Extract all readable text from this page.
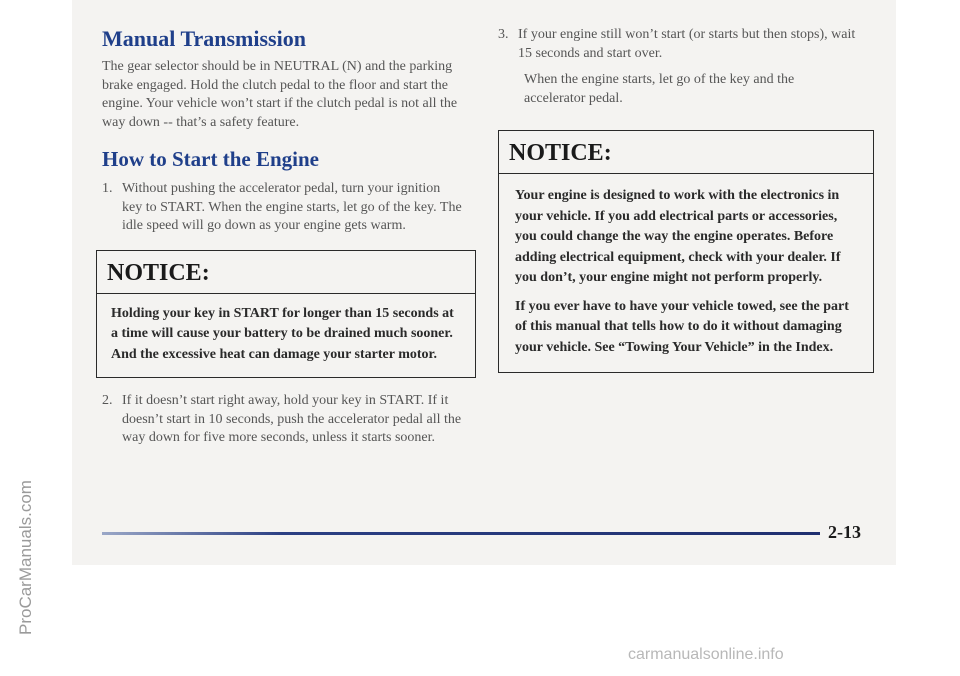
Manual Transmission

The gear selector should be in NEUTRAL (N) and the parking brake engaged. Hold the clutch pedal to the floor and start the engine. Your vehicle won’t start if the clutch pedal is not all the way down -- that’s a safety feature.

How to Start the Engine
1. Without pushing the accelerator pedal, turn your ignition key to START. When the engine starts, let go of the key. The idle speed will go down as your engine gets warm.
NOTICE:

Holding your key in START for longer than 15 seconds at a time will cause your battery to be drained much sooner. And the excessive heat can damage your starter motor.

2. If it doesn’t start right away, hold your key in START. If it doesn’t start in 10 seconds, push the accelerator pedal all the way down for five more seconds, unless it starts sooner.
3. If your engine still won’t start (or starts but then stops), wait 15 seconds and start over.

When the engine starts, let go of the key and the accelerator pedal.

NOTICE:

Your engine is designed to work with the electronics in your vehicle. If you add electrical parts or accessories, you could change the way the engine operates. Before adding electrical equipment, check with your dealer. If you don’t, your engine might not perform properly.

If you ever have to have your vehicle towed, see the part of this manual that tells how to do it without damaging your vehicle. See “Towing Your Vehicle” in the Index.

2-13
ProCarManuals.com
carmanualsonline.info
